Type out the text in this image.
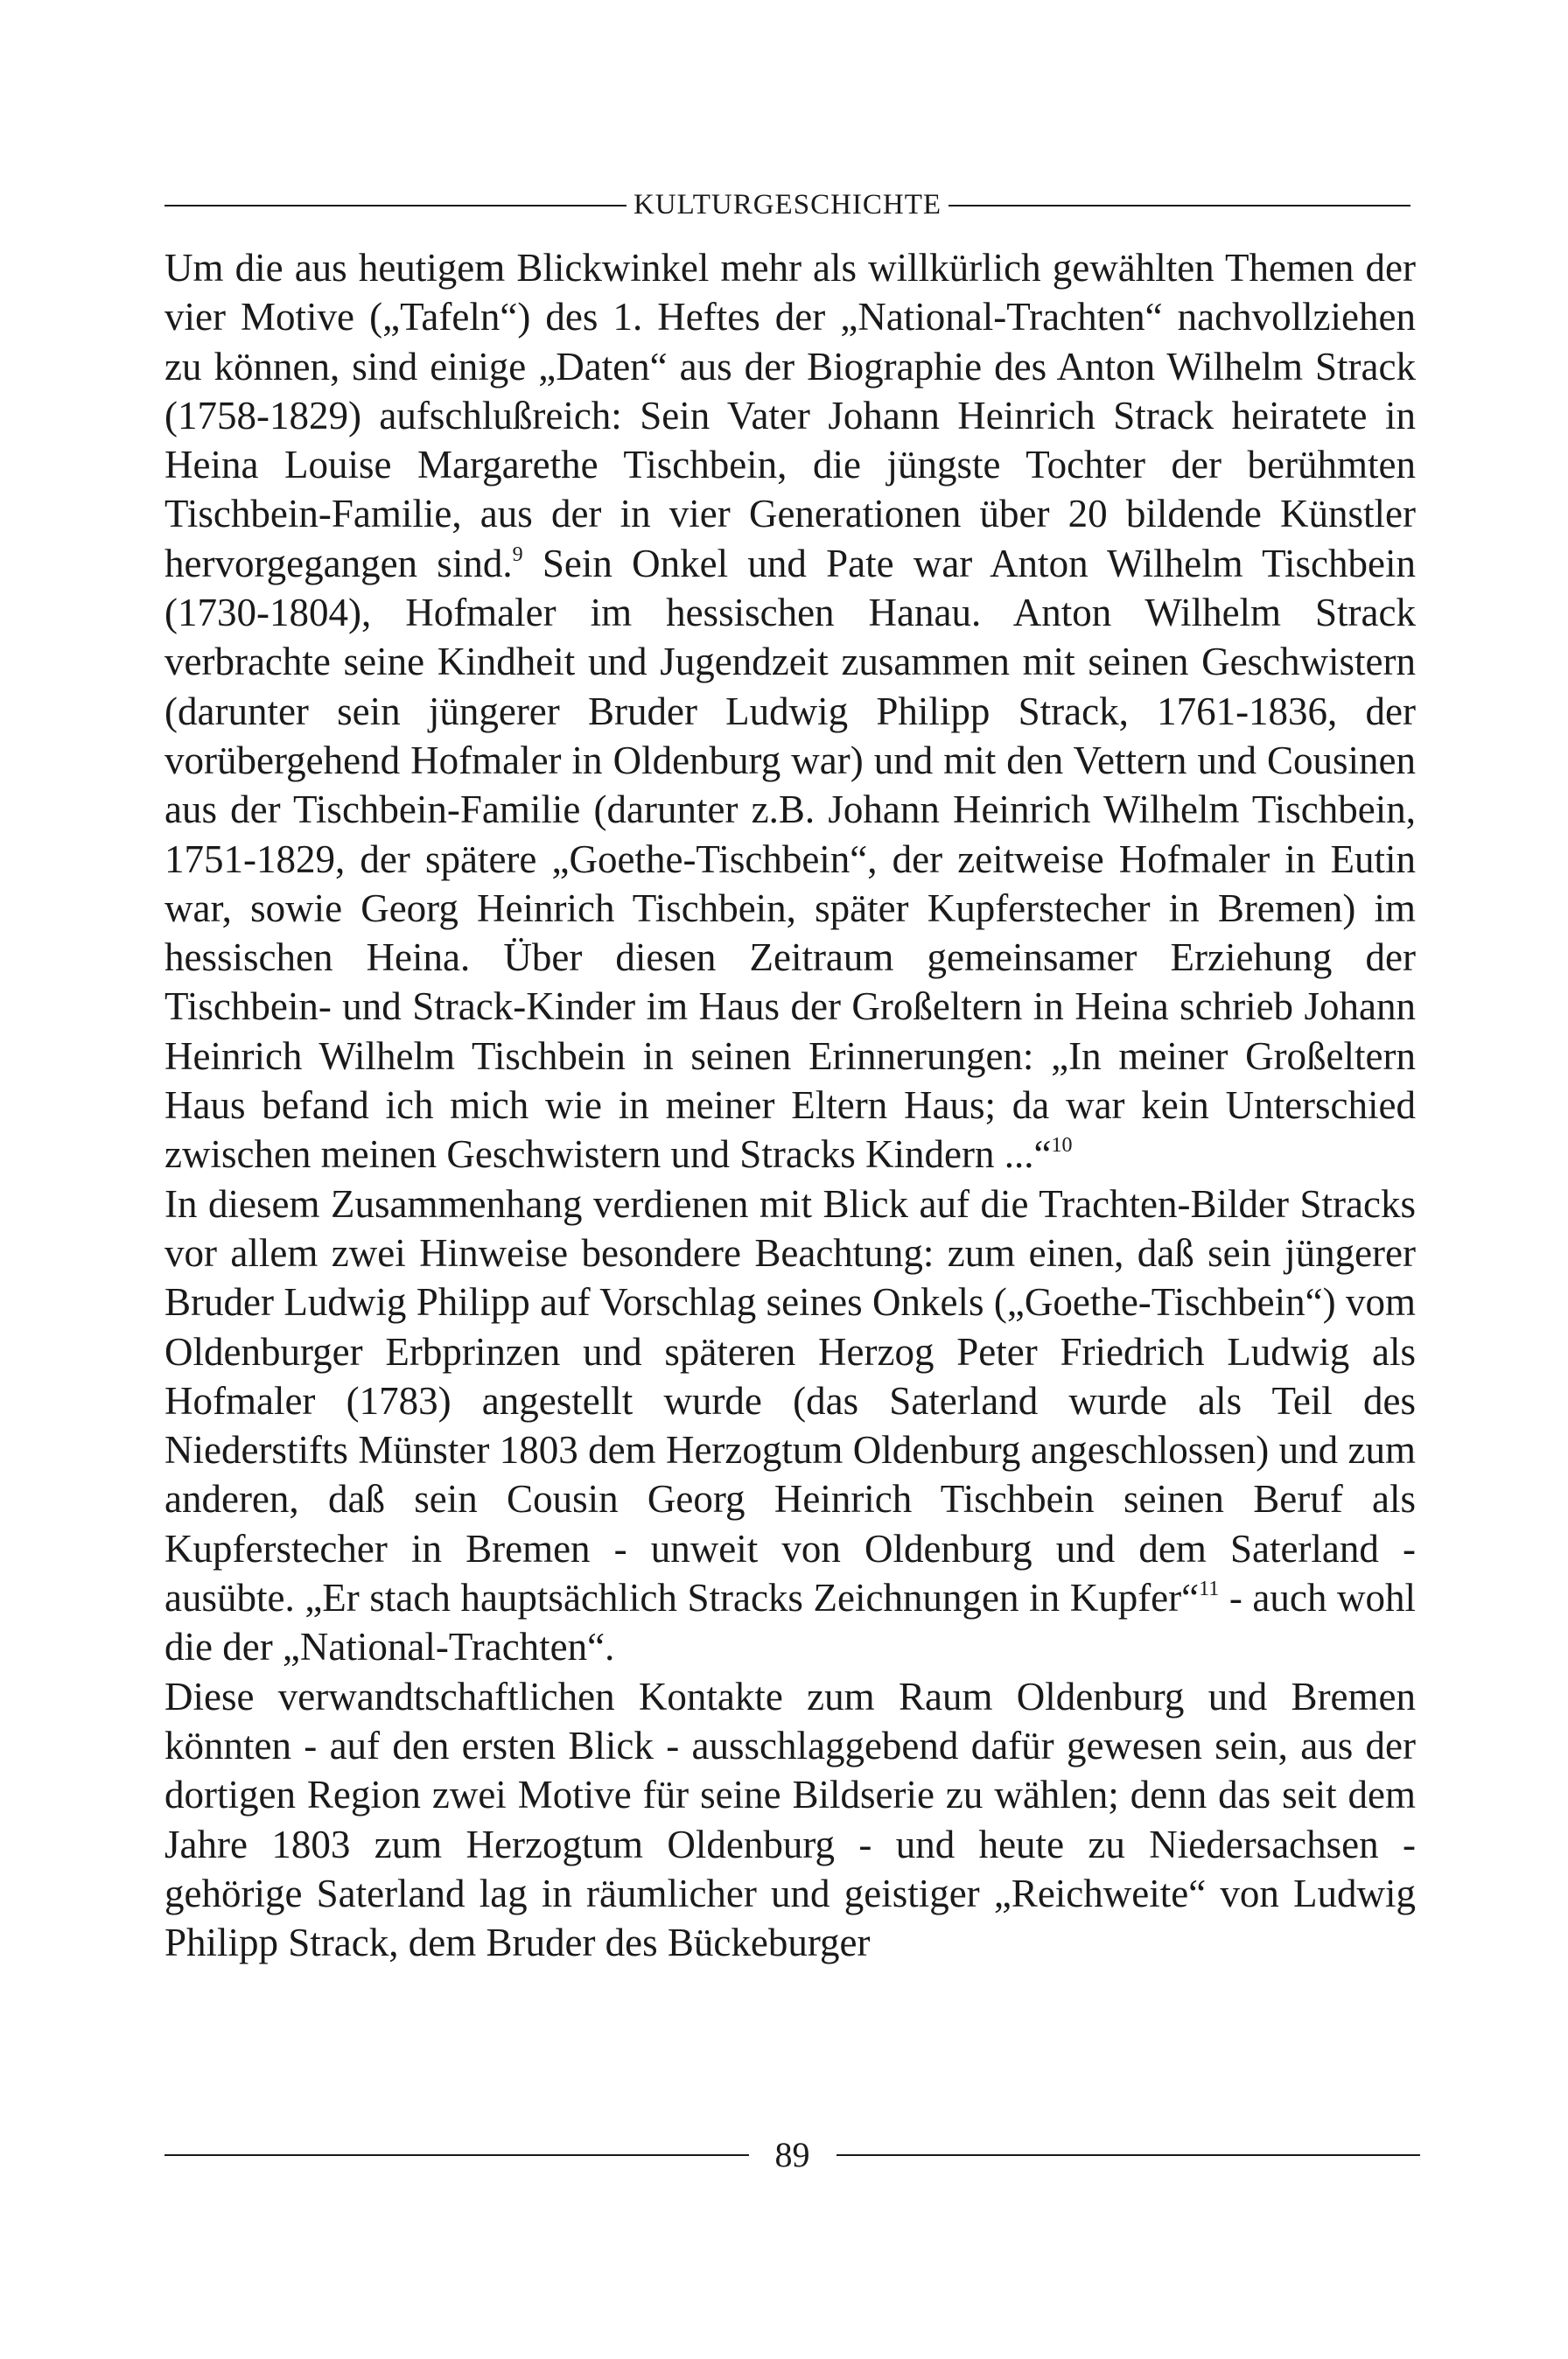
KULTURGESCHICHTE

Um die aus heutigem Blickwinkel mehr als willkürlich gewählten Themen der vier Motive („Tafeln“) des 1. Heftes der „National-Trachten“ nachvollziehen zu können, sind einige „Daten“ aus der Biographie des Anton Wilhelm Strack (1758-1829) aufschlußreich: Sein Vater Johann Heinrich Strack heiratete in Heina Louise Margarethe Tischbein, die jüngste Tochter der berühmten Tischbein-Familie, aus der in vier Generationen über 20 bildende Künstler hervorgegangen sind.$^9$ Sein Onkel und Pate war Anton Wilhelm Tischbein (1730-1804), Hofmaler im hessischen Hanau. Anton Wilhelm Strack verbrachte seine Kindheit und Jugendzeit zusammen mit seinen Geschwistern (darunter sein jüngerer Bruder Ludwig Philipp Strack, 1761-1836, der vorübergehend Hofmaler in Oldenburg war) und mit den Vettern und Cousinen aus der Tischbein-Familie (darunter z.B. Johann Heinrich Wilhelm Tischbein, 1751-1829, der spätere „Goethe-Tischbein“, der zeitweise Hofmaler in Eutin war, sowie Georg Heinrich Tischbein, später Kupferstecher in Bremen) im hessischen Heina. Über diesen Zeitraum gemeinsamer Erziehung der Tischbein- und Strack-Kinder im Haus der Großeltern in Heina schrieb Johann Heinrich Wilhelm Tischbein in seinen Erinnerungen: „In meiner Großeltern Haus befand ich mich wie in meiner Eltern Haus; da war kein Unterschied zwischen meinen Geschwistern und Stracks Kindern ...“$^{10}$

In diesem Zusammenhang verdienen mit Blick auf die Trachten-Bilder Stracks vor allem zwei Hinweise besondere Beachtung: zum einen, daß sein jüngerer Bruder Ludwig Philipp auf Vorschlag seines Onkels („Goethe-Tischbein“) vom Oldenburger Erbprinzen und späteren Herzog Peter Friedrich Ludwig als Hofmaler (1783) angestellt wurde (das Saterland wurde als Teil des Niederstifts Münster 1803 dem Herzogtum Oldenburg angeschlossen) und zum anderen, daß sein Cousin Georg Heinrich Tischbein seinen Beruf als Kupferstecher in Bremen - unweit von Oldenburg und dem Saterland - ausübte. „Er stach hauptsächlich Stracks Zeichnungen in Kupfer“$^{11}$ - auch wohl die der „National-Trachten“.

Diese verwandtschaftlichen Kontakte zum Raum Oldenburg und Bremen könnten - auf den ersten Blick - ausschlaggebend dafür gewesen sein, aus der dortigen Region zwei Motive für seine Bildserie zu wählen; denn das seit dem Jahre 1803 zum Herzogtum Oldenburg - und heute zu Niedersachsen - gehörige Saterland lag in räumlicher und geistiger „Reichweite“ von Ludwig Philipp Strack, dem Bruder des Bückeburger

89
